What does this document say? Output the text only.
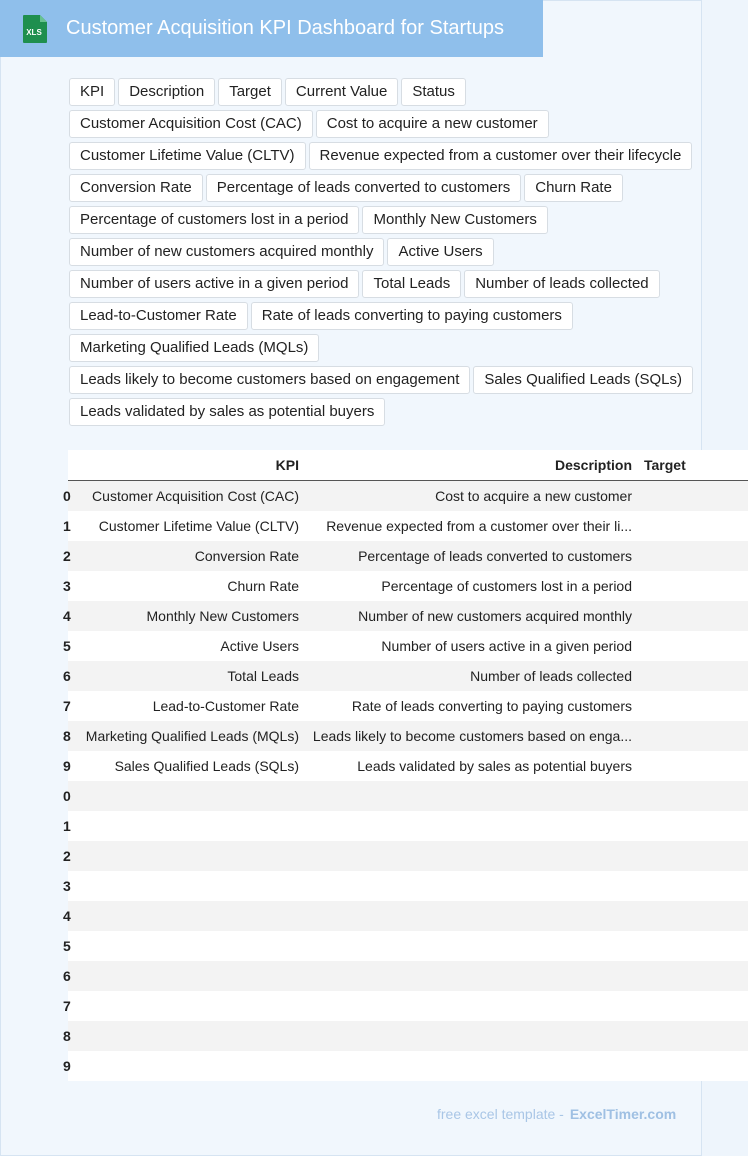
XLS Customer Acquisition KPI Dashboard for Startups
KPI	Description	Target	Current Value	Status
Customer Acquisition Cost (CAC)	Cost to acquire a new customer
Customer Lifetime Value (CLTV)	Revenue expected from a customer over their lifecycle
Conversion Rate	Percentage of leads converted to customers	Churn Rate
Percentage of customers lost in a period	Monthly New Customers
Number of new customers acquired monthly	Active Users
Number of users active in a given period	Total Leads	Number of leads collected
Lead-to-Customer Rate	Rate of leads converting to paying customers
Marketing Qualified Leads (MQLs)
Leads likely to become customers based on engagement	Sales Qualified Leads (SQLs)
Leads validated by sales as potential buyers
	KPI	Description	Target
0	Customer Acquisition Cost (CAC)	Cost to acquire a new customer	
1	Customer Lifetime Value (CLTV)	Revenue expected from a customer over their li...	
2	Conversion Rate	Percentage of leads converted to customers	
3	Churn Rate	Percentage of customers lost in a period	
4	Monthly New Customers	Number of new customers acquired monthly	
5	Active Users	Number of users active in a given period	
6	Total Leads	Number of leads collected	
7	Lead-to-Customer Rate	Rate of leads converting to paying customers	
8	Marketing Qualified Leads (MQLs)	Leads likely to become customers based on enga...	
9	Sales Qualified Leads (SQLs)	Leads validated by sales as potential buyers	
0			
1			
2			
3			
4			
5			
6			
7			
8			
9			
free excel template - ExcelTimer.com
